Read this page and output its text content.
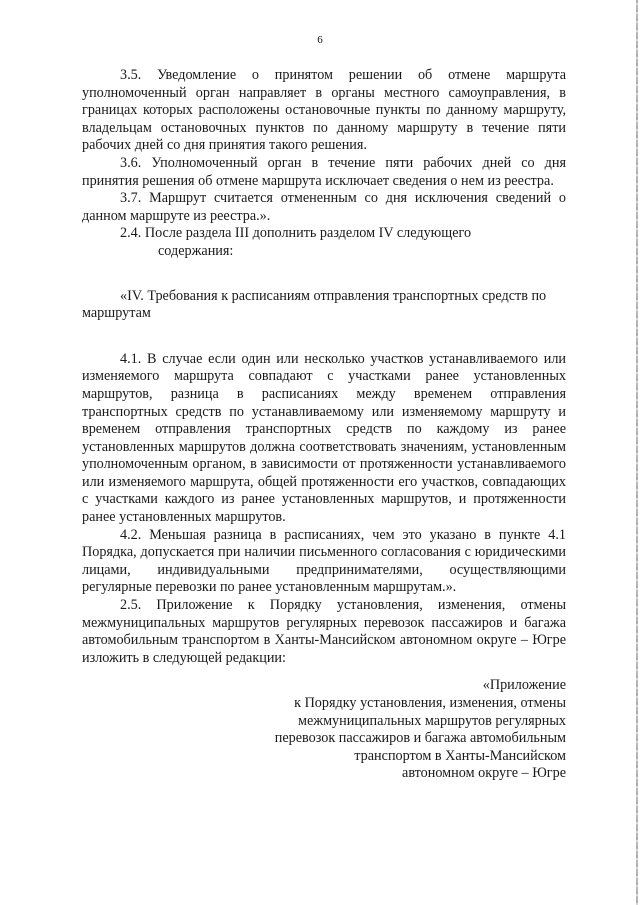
6

3.5. Уведомление о принятом решении об отмене маршрута уполномоченный орган направляет в органы местного самоуправления, в границах которых расположены остановочные пункты по данному маршруту, владельцам остановочных пунктов по данному маршруту в течение пяти рабочих дней со дня принятия такого решения.

3.6. Уполномоченный орган в течение пяти рабочих дней со дня принятия решения об отмене маршрута исключает сведения о нем из реестра.

3.7. Маршрут считается отмененным со дня исключения сведений о данном маршруте из реестра.».

2.4. После раздела III дополнить разделом IV следующего

содержания:

«IV. Требования к расписаниям отправления транспортных средств по
маршрутам

4.1. В случае если один или несколько участков устанавливаемого или изменяемого маршрута совпадают с участками ранее установленных маршрутов, разница в расписаниях между временем отправления транспортных средств по устанавливаемому или изменяемому маршруту и временем отправления транспортных средств по каждому из ранее установленных маршрутов должна соответствовать значениям, установленным уполномоченным органом, в зависимости от протяженности устанавливаемого или изменяемого маршрута, общей протяженности его участков, совпадающих с участками каждого из ранее установленных маршрутов, и протяженности ранее установленных маршрутов.

4.2. Меньшая разница в расписаниях, чем это указано в пункте 4.1 Порядка, допускается при наличии письменного согласования с юридическими лицами, индивидуальными предпринимателями, осуществляющими регулярные перевозки по ранее установленным маршрутам.».

2.5. Приложение к Порядку установления, изменения, отмены межмуниципальных маршрутов регулярных перевозок пассажиров и багажа автомобильным транспортом в Ханты-Мансийском автономном округе – Югре изложить в следующей редакции:

«Приложение
к Порядку установления, изменения, отмены
межмуниципальных маршрутов регулярных
перевозок пассажиров и багажа автомобильным
транспортом в Ханты-Мансийском
автономном округе – Югре
